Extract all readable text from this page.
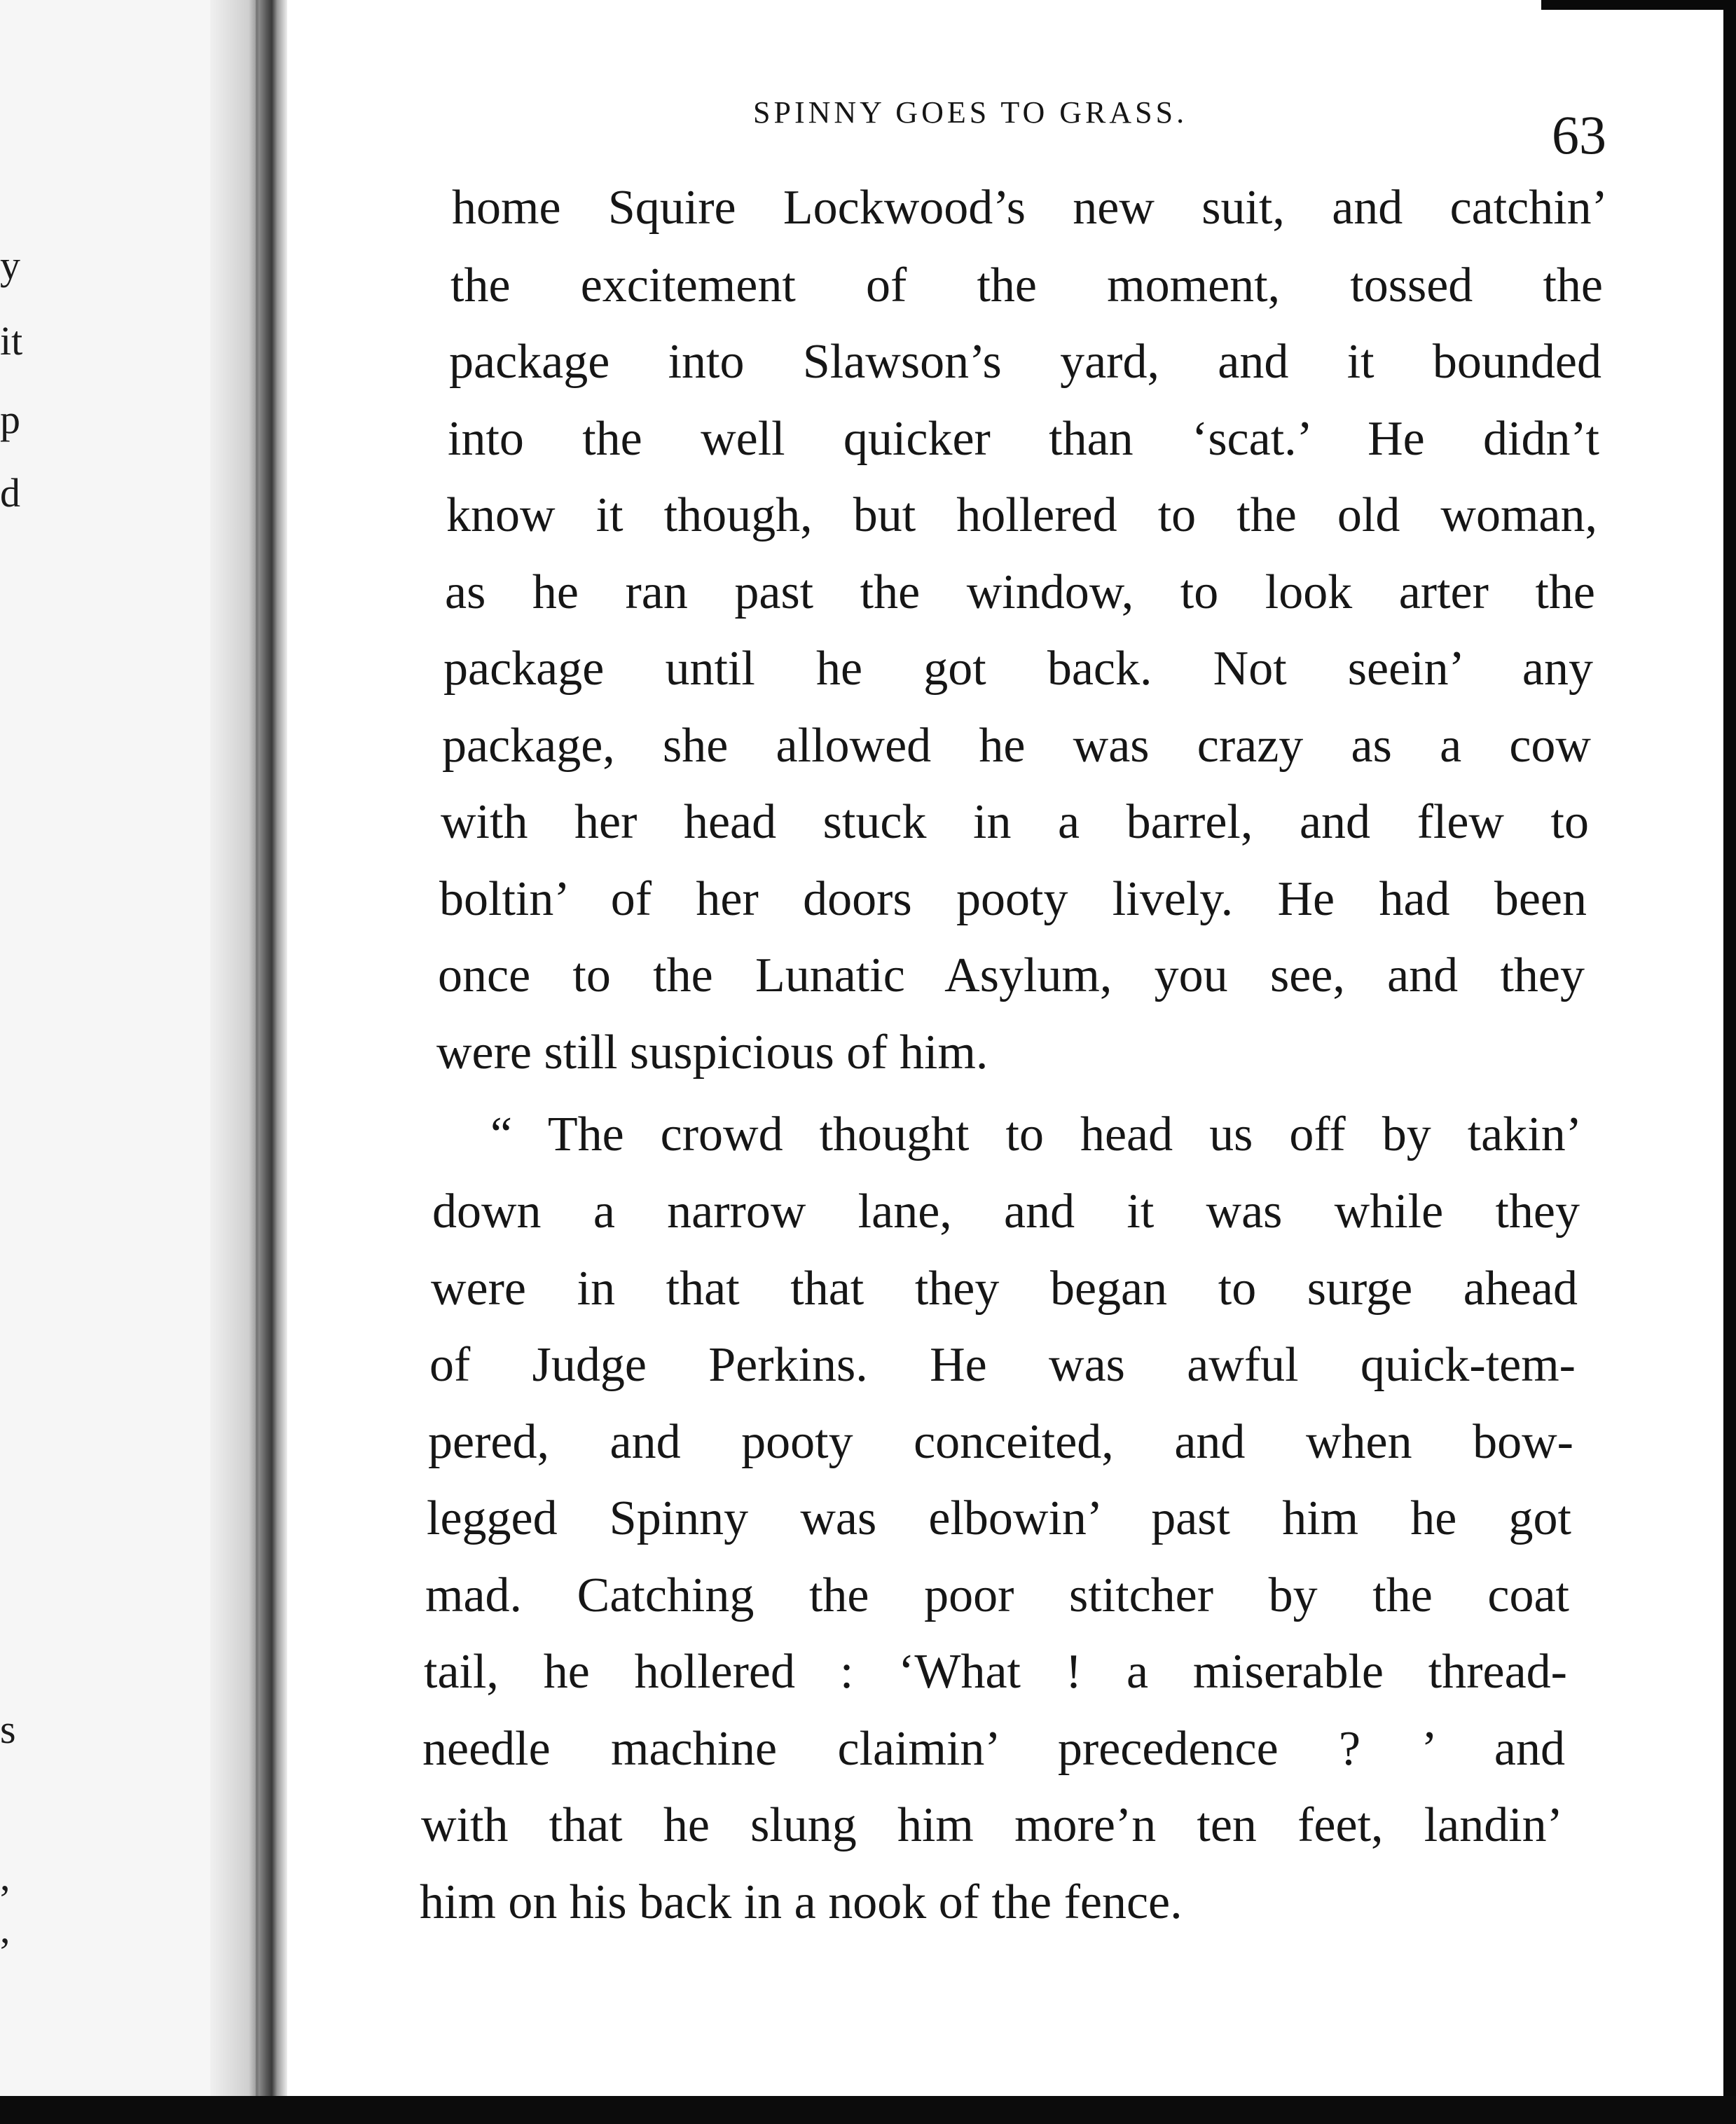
y
it
p
d
s
,
,
SPINNY GOES TO GRASS.	63
home Squire Lockwood’s new suit, and catchin’
the excitement of the moment, tossed the
package into Slawson’s yard, and it bounded
into the well quicker than ‘scat.’ He didn’t
know it though, but hollered to the old woman,
as he ran past the window, to look arter the
package until he got back. Not seein’ any
package, she allowed he was crazy as a cow
with her head stuck in a barrel, and flew to
boltin’ of her doors pooty lively. He had been
once to the Lunatic Asylum, you see, and they
were still suspicious of him.
“ The crowd thought to head us off by takin’
down a narrow lane, and it was while they
were in that that they began to surge ahead
of Judge Perkins. He was awful quick-tem-
pered, and pooty conceited, and when bow-
legged Spinny was elbowin’ past him he got
mad. Catching the poor stitcher by the coat
tail, he hollered : ‘What ! a miserable thread-
needle machine claimin’ precedence ? ’ and
with that he slung him more’n ten feet, landin’
him on his back in a nook of the fence.
